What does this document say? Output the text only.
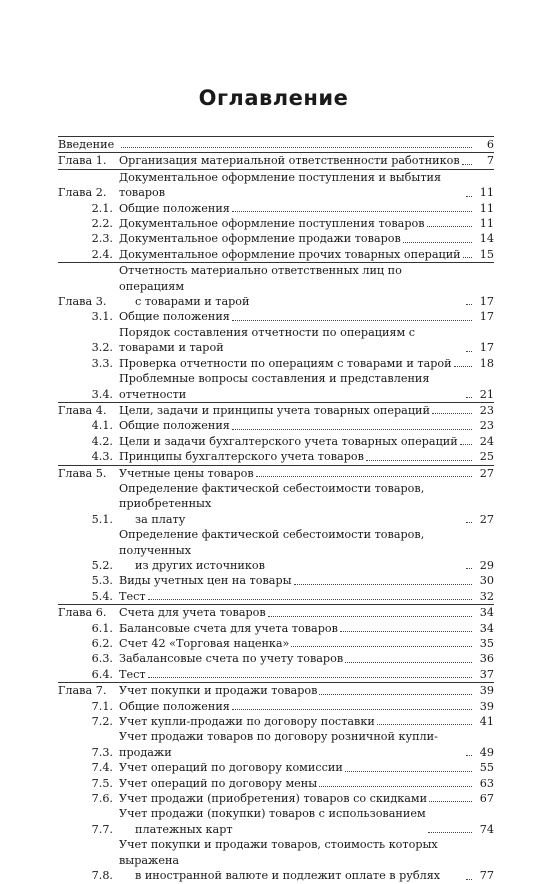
Оглавление
Введение	6
Глава 1.	Организация материальной ответственности работников	7
Глава 2.
Документальное оформление поступления и выбытия товаров	11
2.1. Общие положения	11
2.2. Документальное оформление поступления товаров	11
2.3. Документальное оформление продажи товаров	14
2.4. Документальное оформление прочих товарных операций	15
Глава 3.
Отчетность материально ответственных лиц по операциям
с товарами и тарой	17
3.1. Общие положения	17
3.2.
Порядок составления отчетности по операциям с товарами и тарой	17
3.3. Проверка отчетности по операциям с товарами и тарой	18
3.4.
Проблемные вопросы составления и представления отчетности	21
Глава 4.	Цели, задачи и принципы учета товарных операций	23
4.1. Общие положения	23
4.2. Цели и задачи бухгалтерского учета товарных операций	24
4.3. Принципы бухгалтерского учета товаров	25
Глава 5.	Учетные цены товаров	27
5.1.
Определение фактической себестоимости товаров, приобретенных
за плату	27
5.2.
Определение фактической себестоимости товаров, полученных
из других источников	29
5.3. Виды учетных цен на товары	30
5.4. Тест	32
Глава 6.	Счета для учета товаров	34
6.1. Балансовые счета для учета товаров	34
6.2. Счет 42 «Торговая наценка»	35
6.3. Забалансовые счета по учету товаров	36
6.4. Тест	37
Глава 7.	Учет покупки и продажи товаров	39
7.1. Общие положения	39
7.2. Учет купли-продажи по договору поставки	41
7.3.
Учет продажи товаров по договору розничной купли-продажи	49
7.4. Учет операций по договору комиссии	55
7.5. Учет операций по договору мены	63
7.6. Учет продажи (приобретения) товаров со скидками	67
7.7.
Учет продажи (покупки) товаров с использованием
платежных карт	74
7.8.
Учет покупки и продажи товаров, стоимость которых выражена
в иностранной валюте и подлежит оплате в рублях	77
